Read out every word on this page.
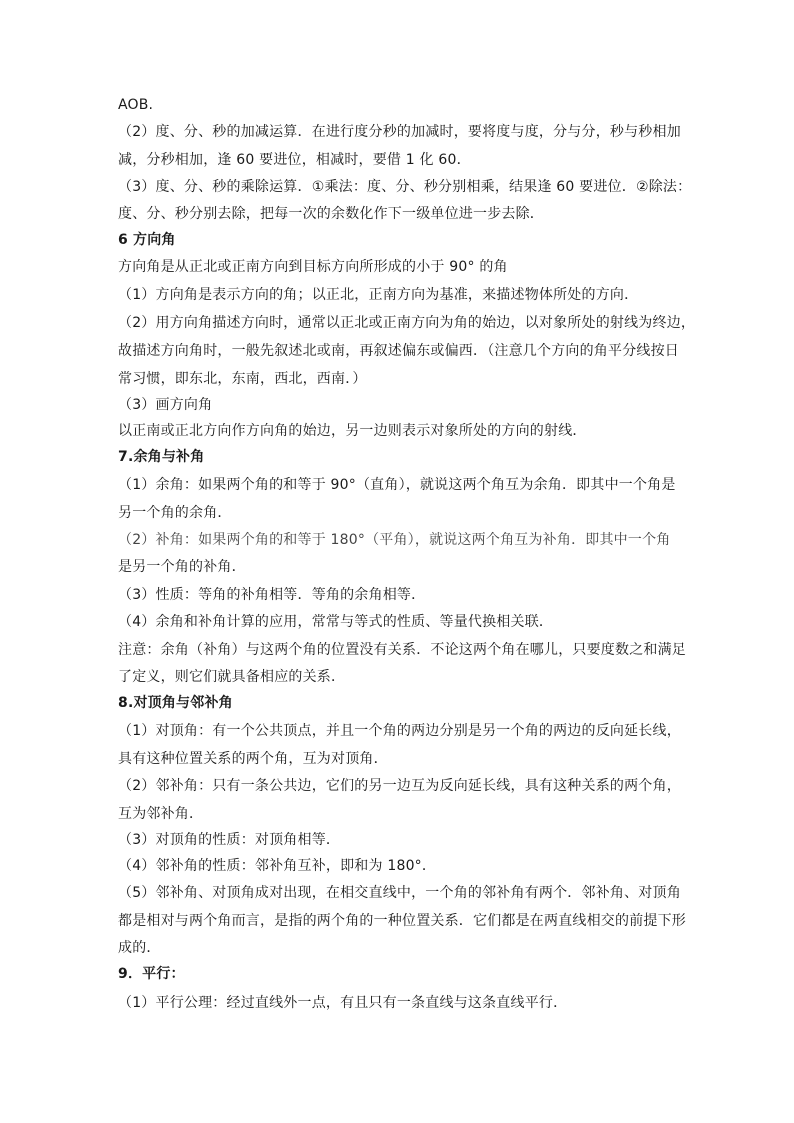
AOB.

（2）度、分、秒的加减运算．在进行度分秒的加减时，要将度与度，分与分，秒与秒相加

减，分秒相加，逢 60 要进位，相减时，要借 1 化 60．

（3）度、分、秒的乘除运算．①乘法：度、分、秒分别相乘，结果逢 60 要进位．②除法：

度、分、秒分别去除，把每一次的余数化作下一级单位进一步去除．

6 方向角

方向角是从正北或正南方向到目标方向所形成的小于 90° 的角

（1）方向角是表示方向的角；以正北，正南方向为基准，来描述物体所处的方向．

（2）用方向角描述方向时，通常以正北或正南方向为角的始边，以对象所处的射线为终边，

故描述方向角时，一般先叙述北或南，再叙述偏东或偏西．（注意几个方向的角平分线按日

常习惯，即东北，东南，西北，西南．）

（3）画方向角

以正南或正北方向作方向角的始边，另一边则表示对象所处的方向的射线．

7.余角与补角

（1）余角：如果两个角的和等于 90°（直角），就说这两个角互为余角．即其中一个角是

另一个角的余角．

（2）补角：如果两个角的和等于 180°（平角），就说这两个角互为补角．即其中一个角

是另一个角的补角．

（3）性质：等角的补角相等．等角的余角相等．

（4）余角和补角计算的应用，常常与等式的性质、等量代换相关联．

注意：余角（补角）与这两个角的位置没有关系．不论这两个角在哪儿，只要度数之和满足

了定义，则它们就具备相应的关系．

8.对顶角与邻补角

（1）对顶角：有一个公共顶点，并且一个角的两边分别是另一个角的两边的反向延长线，

具有这种位置关系的两个角，互为对顶角．

（2）邻补角：只有一条公共边，它们的另一边互为反向延长线，具有这种关系的两个角，

互为邻补角．

（3）对顶角的性质：对顶角相等．

（4）邻补角的性质：邻补角互补，即和为 180°．

（5）邻补角、对顶角成对出现，在相交直线中，一个角的邻补角有两个．邻补角、对顶角

都是相对与两个角而言，是指的两个角的一种位置关系．它们都是在两直线相交的前提下形

成的．

9．平行：

（1）平行公理：经过直线外一点，有且只有一条直线与这条直线平行．
